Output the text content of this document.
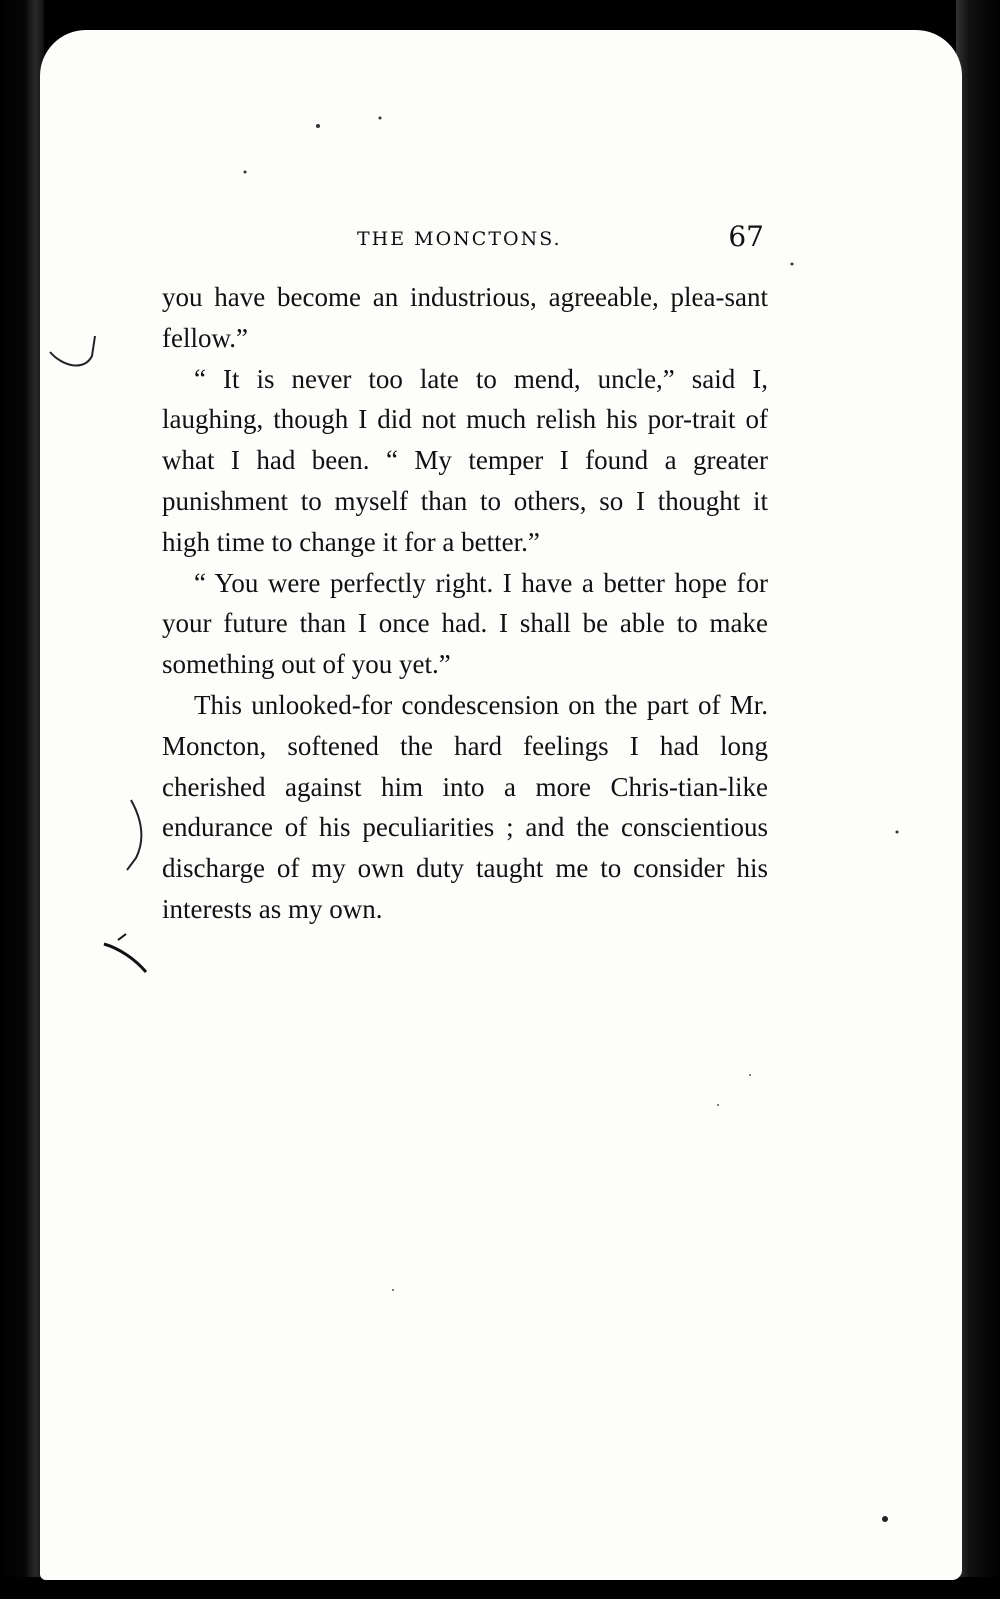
THE MONCTONS.	67

you have become an industrious, agreeable, plea-sant fellow.”

“ It is never too late to mend, uncle,” said I, laughing, though I did not much relish his por-trait of what I had been. “ My temper I found a greater punishment to myself than to others, so I thought it high time to change it for a better.”

“ You were perfectly right. I have a better hope for your future than I once had. I shall be able to make something out of you yet.”

This unlooked-for condescension on the part of Mr. Moncton, softened the hard feelings I had long cherished against him into a more Chris-tian-like endurance of his peculiarities ; and the conscientious discharge of my own duty taught me to consider his interests as my own.
